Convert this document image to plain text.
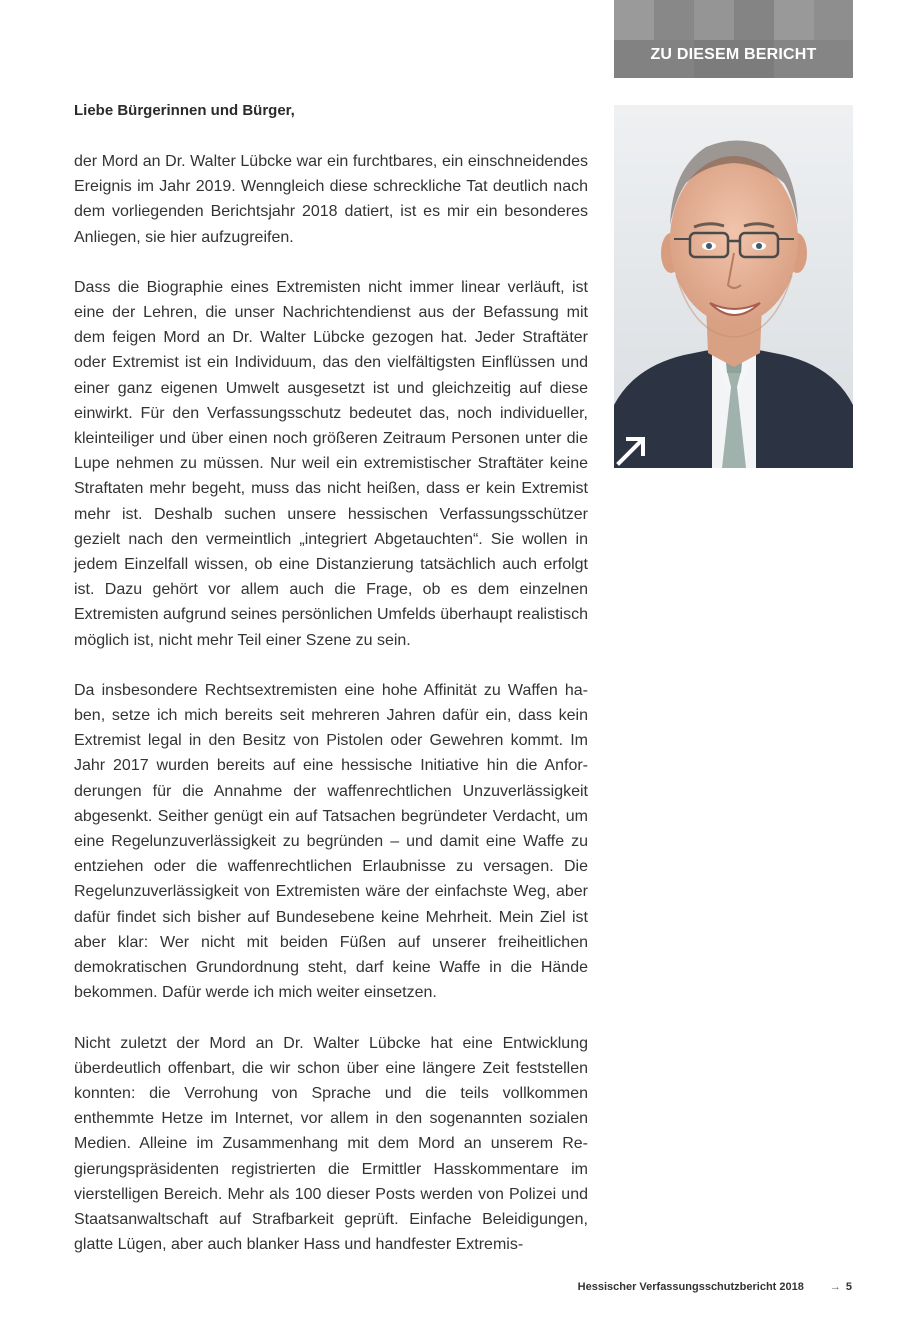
ZU DIESEM BERICHT
Liebe Bürgerinnen und Bürger,

der Mord an Dr. Walter Lübcke war ein furchtbares, ein einschneidendes Ereignis im Jahr 2019. Wenngleich diese schreckliche Tat deutlich nach dem vorliegenden Berichtsjahr 2018 datiert, ist es mir ein besonderes Anliegen, sie hier aufzugreifen.

Dass die Biographie eines Extremisten nicht immer linear verläuft, ist eine der Lehren, die unser Nachrichtendienst aus der Befassung mit dem feigen Mord an Dr. Walter Lübcke gezogen hat. Jeder Straftäter oder Extremist ist ein Individuum, das den vielfältigsten Einflüssen und einer ganz eigenen Umwelt ausgesetzt ist und gleichzeitig auf diese einwirkt. Für den Verfassungsschutz bedeutet das, noch individueller, kleinteiliger und über einen noch größeren Zeitraum Personen unter die Lupe nehmen zu müssen. Nur weil ein extremistischer Straftäter keine Straftaten mehr begeht, muss das nicht heißen, dass er kein Extremist mehr ist. Deshalb suchen unsere hessischen Verfassungsschützer gezielt nach den vermeintlich „integriert Abgetauchten“. Sie wollen in jedem Einzelfall wissen, ob eine Distanzierung tatsächlich auch erfolgt ist. Dazu gehört vor allem auch die Frage, ob es dem einzelnen Extremisten aufgrund seines persönlichen Umfelds überhaupt realistisch möglich ist, nicht mehr Teil einer Szene zu sein.

Da insbesondere Rechtsextremisten eine hohe Affinität zu Waffen haben, setze ich mich bereits seit mehreren Jahren dafür ein, dass kein Extremist legal in den Besitz von Pistolen oder Gewehren kommt. Im Jahr 2017 wurden bereits auf eine hessische Initiative hin die Anforderungen für die Annahme der waffenrechtlichen Unzuverlässigkeit abgesenkt. Seither genügt ein auf Tatsachen begründeter Verdacht, um eine Regelunzuverlässigkeit zu begründen – und damit eine Waffe zu entziehen oder die waffenrechtlichen Erlaubnisse zu versagen. Die Regelunzuverlässigkeit von Extremisten wäre der einfachste Weg, aber dafür findet sich bisher auf Bundesebene keine Mehrheit. Mein Ziel ist aber klar: Wer nicht mit beiden Füßen auf unserer freiheitlichen demokratischen Grundordnung steht, darf keine Waffe in die Hände bekommen. Dafür werde ich mich weiter einsetzen.

Nicht zuletzt der Mord an Dr. Walter Lübcke hat eine Entwicklung überdeutlich offenbart, die wir schon über eine längere Zeit feststellen konnten: die Verrohung von Sprache und die teils vollkommen enthemmte Hetze im Internet, vor allem in den sogenannten sozialen Medien. Alleine im Zusammenhang mit dem Mord an unserem Regierungspräsidenten registrierten die Ermittler Hasskommentare im vierstelligen Bereich. Mehr als 100 dieser Posts werden von Polizei und Staatsanwaltschaft auf Strafbarkeit geprüft. Einfache Beleidigungen, glatte Lügen, aber auch blanker Hass und handfester Extremis-

Hessischer Verfassungsschutzbericht 2018 → 5
